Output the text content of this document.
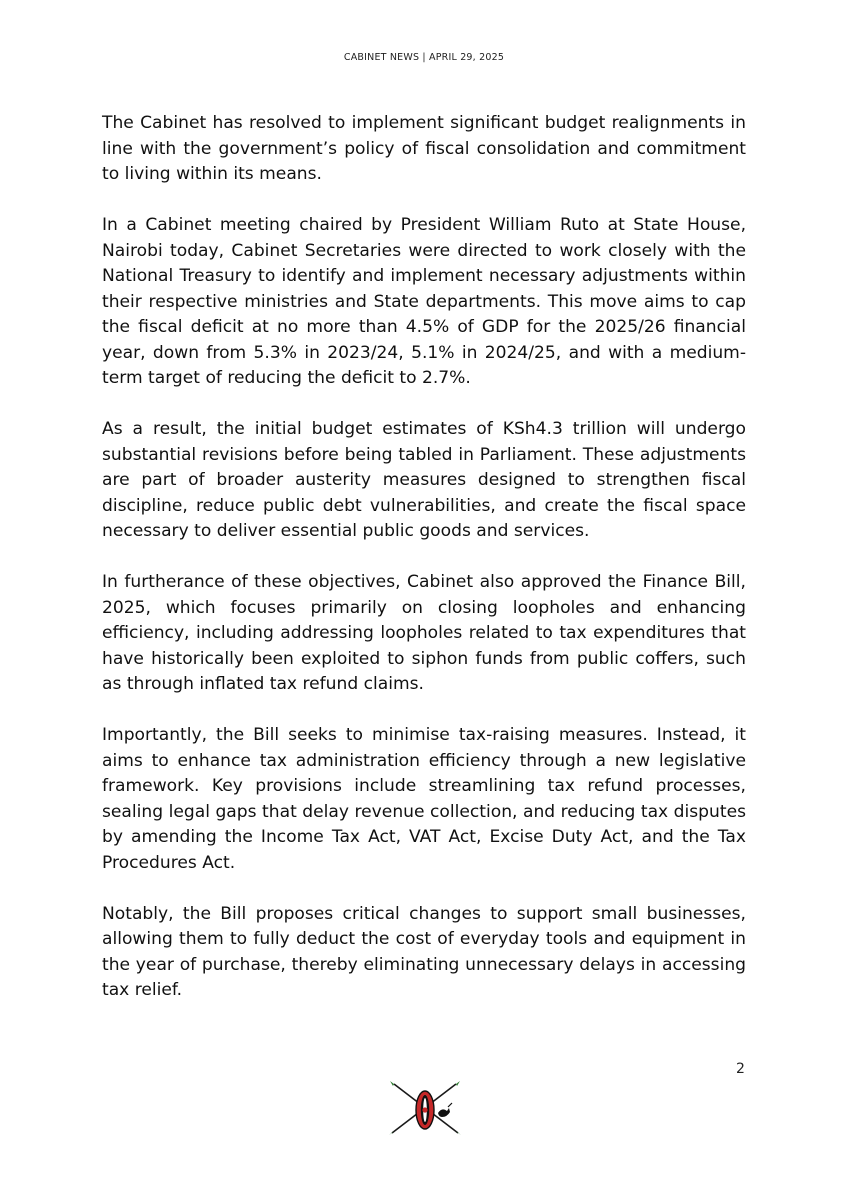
CABINET NEWS | APRIL 29, 2025

The Cabinet has resolved to implement significant budget realignments in line with the government’s policy of fiscal consolidation and commitment to living within its means.

In a Cabinet meeting chaired by President William Ruto at State House, Nairobi today, Cabinet Secretaries were directed to work closely with the National Treasury to identify and implement necessary adjustments within their respective ministries and State departments. This move aims to cap the fiscal deficit at no more than 4.5% of GDP for the 2025/26 financial year, down from 5.3% in 2023/24, 5.1% in 2024/25, and with a medium-term target of reducing the deficit to 2.7%.

As a result, the initial budget estimates of KSh4.3 trillion will undergo substantial revisions before being tabled in Parliament. These adjustments are part of broader austerity measures designed to strengthen fiscal discipline, reduce public debt vulnerabilities, and create the fiscal space necessary to deliver essential public goods and services.

In furtherance of these objectives, Cabinet also approved the Finance Bill, 2025, which focuses primarily on closing loopholes and enhancing efficiency, including addressing loopholes related to tax expenditures that have historically been exploited to siphon funds from public coffers, such as through inflated tax refund claims.

Importantly, the Bill seeks to minimise tax-raising measures. Instead, it aims to enhance tax administration efficiency through a new legislative framework. Key provisions include streamlining tax refund processes, sealing legal gaps that delay revenue collection, and reducing tax disputes by amending the Income Tax Act, VAT Act, Excise Duty Act, and the Tax Procedures Act.

Notably, the Bill proposes critical changes to support small businesses, allowing them to fully deduct the cost of everyday tools and equipment in the year of purchase, thereby eliminating unnecessary delays in accessing tax relief.

2
